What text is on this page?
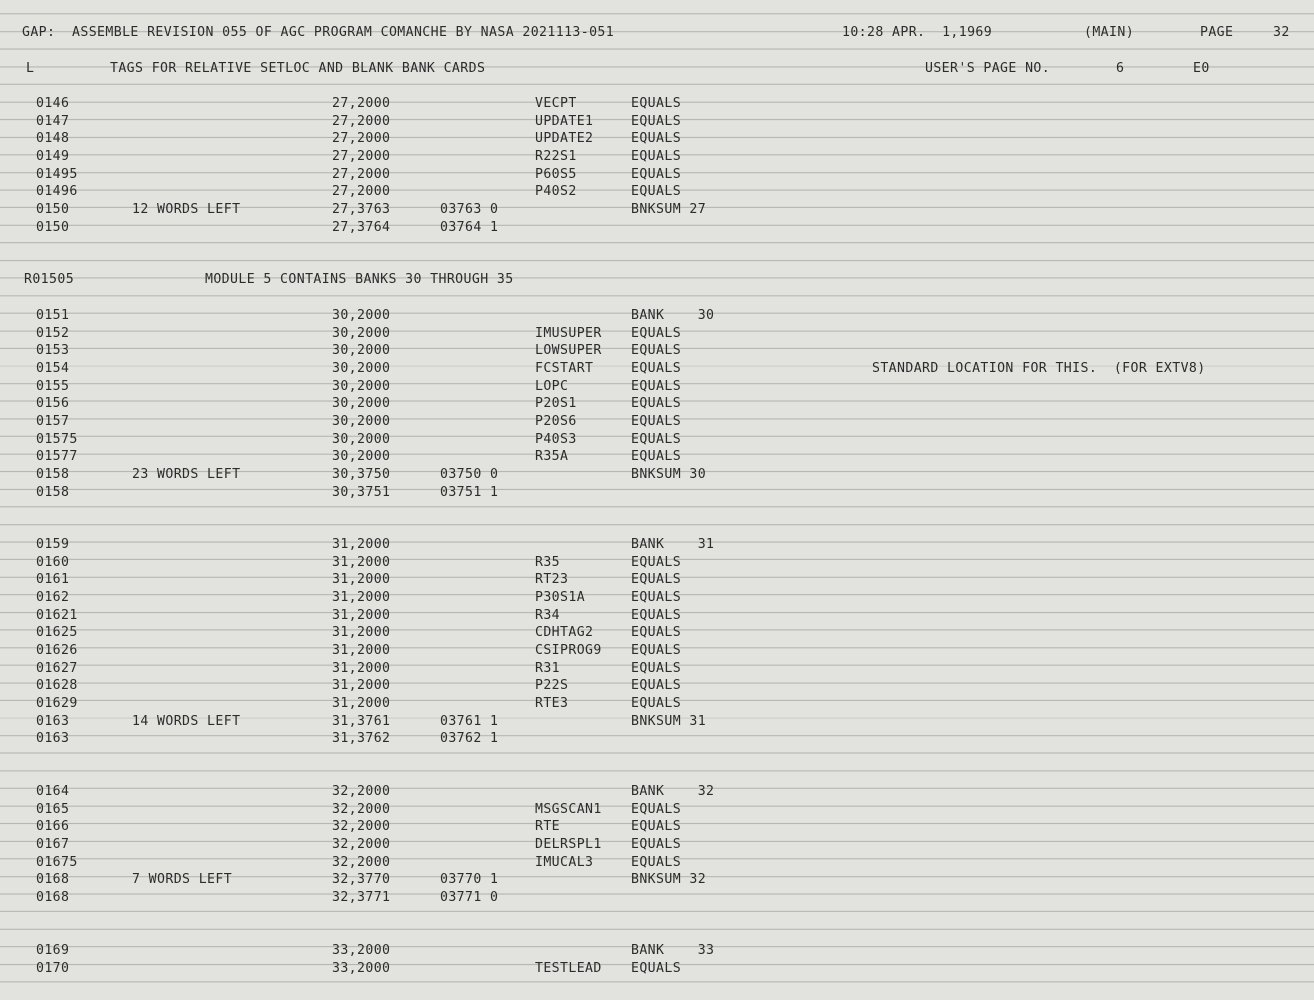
GAP:  ASSEMBLE REVISION 055 OF AGC PROGRAM COMANCHE BY NASA 2021113-051

	10:28 APR.  1,1969

	(MAIN)

	PAGE

	32

L

	TAGS FOR RELATIVE SETLOC AND BLANK BANK CARDS

	USER'S PAGE NO.

	6

	E0

R01505

	MODULE 5 CONTAINS BANKS 30 THROUGH 35

0146	27,2000	VECPT	EQUALS
0147	27,2000	UPDATE1	EQUALS
0148	27,2000	UPDATE2	EQUALS
0149	27,2000	R22S1	EQUALS
01495	27,2000	P60S5	EQUALS
01496	27,2000	P40S2	EQUALS
0150	12 WORDS LEFT	27,3763	03763 0	BNKSUM 27
0150	27,3764	03764 1
0151	30,2000	BANK    30
0152	30,2000	IMUSUPER EQUALS
0153	30,2000	LOWSUPER EQUALS
0154	30,2000	FCSTART	EQUALS	STANDARD LOCATION FOR THIS.  (FOR EXTV8)
0155	30,2000	LOPC	EQUALS
0156	30,2000	P20S1	EQUALS
0157	30,2000	P20S6	EQUALS
01575	30,2000	P40S3	EQUALS
01577	30,2000	R35A	EQUALS
0158	23 WORDS LEFT	30,3750	03750 0	BNKSUM 30
0158	30,3751	03751 1
0159	31,2000	BANK    31
0160	31,2000	R35	EQUALS
0161	31,2000	RT23	EQUALS
0162	31,2000	P30S1A	EQUALS
01621	31,2000	R34	EQUALS
01625	31,2000	CDHTAG2	EQUALS
01626	31,2000	CSIPROG9 EQUALS
01627	31,2000	R31	EQUALS
01628	31,2000	P22S	EQUALS
01629	31,2000	RTE3	EQUALS
0163	14 WORDS LEFT	31,3761	03761 1	BNKSUM 31
0163	31,3762	03762 1
0164	32,2000	BANK    32
0165	32,2000	MSGSCAN1 EQUALS
0166	32,2000	RTE	EQUALS
0167	32,2000	DELRSPL1 EQUALS
01675	32,2000	IMUCAL3	EQUALS
0168	7 WORDS LEFT	32,3770	03770 1	BNKSUM 32
0168	32,3771	03771 0
0169	33,2000	BANK    33
0170	33,2000	TESTLEAD EQUALS
